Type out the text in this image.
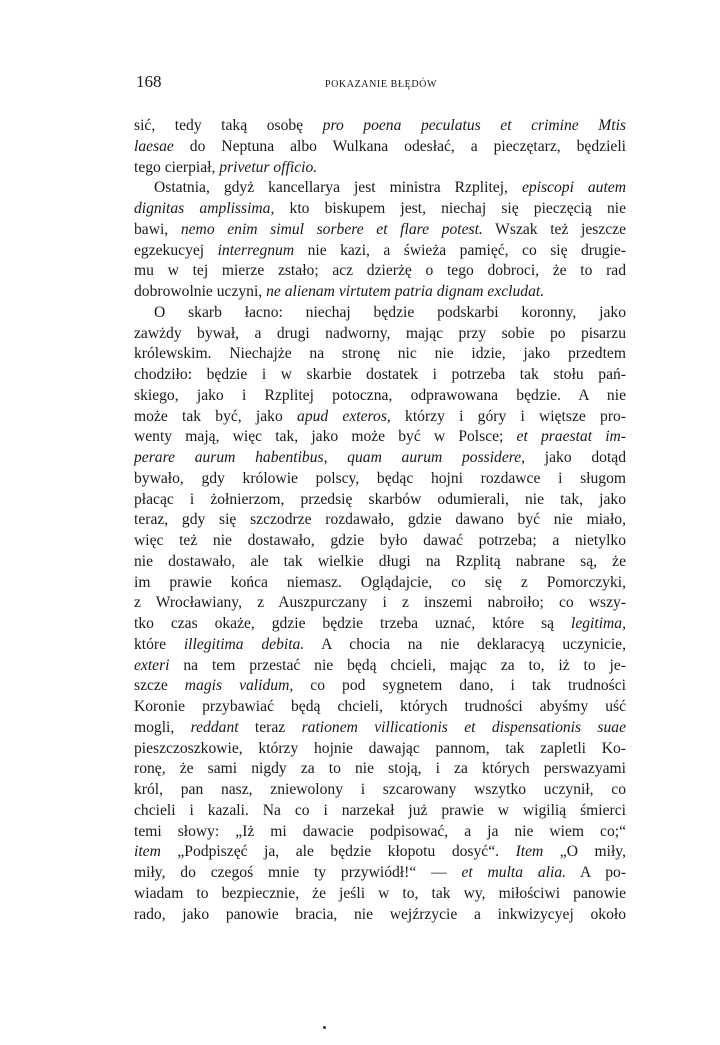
168	POKAZANIE BŁĘDÓW
sić, tedy taką osobę pro poena peculatus et crimine Mtis
laesae do Neptuna albo Wulkana odesłać, a pieczętarz, będzieli
tego cierpiał, privetur officio.
Ostatnia, gdyż kancellarya jest ministra Rzplitej, episcopi autem
dignitas amplissima, kto biskupem jest, niechaj się pieczęcią nie
bawi, nemo enim simul sorbere et flare potest. Wszak też jeszcze
egzekucyej interregnum nie kazi, a świeża pamięć, co się drugie-
mu w tej mierze zstało; acz dzierżę o tego dobroci, że to rad
dobrowolnie uczyni, ne alienam virtutem patria dignam excludat.
O skarb łacno: niechaj będzie podskarbi koronny, jako
zawżdy bywał, a drugi nadworny, mając przy sobie po pisarzu
królewskim. Niechajże na stronę nic nie idzie, jako przedtem
chodziło: będzie i w skarbie dostatek i potrzeba tak stołu pań-
skiego, jako i Rzplitej potoczna, odprawowana będzie. A nie
może tak być, jako apud exteros, którzy i góry i więtsze pro-
wenty mają, więc tak, jako może być w Polsce; et praestat im-
perare aurum habentibus, quam aurum possidere, jako dotąd
bywało, gdy królowie polscy, będąc hojni rozdawce i sługom
płacąc i żołnierzom, przedsię skarbów odumierali, nie tak, jako
teraz, gdy się szczodrze rozdawało, gdzie dawano być nie miało,
więc też nie dostawało, gdzie było dawać potrzeba; a nietylko
nie dostawało, ale tak wielkie długi na Rzplitą nabrane są, że
im prawie końca niemasz. Oglądajcie, co się z Pomorczyki,
z Wrocławiany, z Auszpurczany i z inszemi nabroiło; co wszy-
tko czas okaże, gdzie będzie trzeba uznać, które są legitima,
które illegitima debita. A chocia na nie deklaracyą uczynicie,
exteri na tem przestać nie będą chcieli, mając za to, iż to je-
szcze magis validum, co pod sygnetem dano, i tak trudności
Koronie przybawiać będą chcieli, których trudności abyśmy uść
mogli, reddant teraz rationem villicationis et dispensationis suae
pieszczoszkowie, którzy hojnie dawając pannom, tak zapletli Ko-
ronę, że sami nigdy za to nie stoją, i za których perswazyami
król, pan nasz, zniewolony i szcarowany wszytko uczynił, co
chcieli i kazali. Na co i narzekał już prawie w wigilią śmierci
temi słowy: „Iż mi dawacie podpisować, a ja nie wiem co;“
item „Podpiszęć ja, ale będzie kłopotu dosyć“. Item „O miły,
miły, do czegoś mnie ty przywiódł!“ — et multa alia. A po-
wiadam to bezpiecznie, że jeśli w to, tak wy, miłościwi panowie
rado, jako panowie bracia, nie wejźrzycie a inkwizycyej około
